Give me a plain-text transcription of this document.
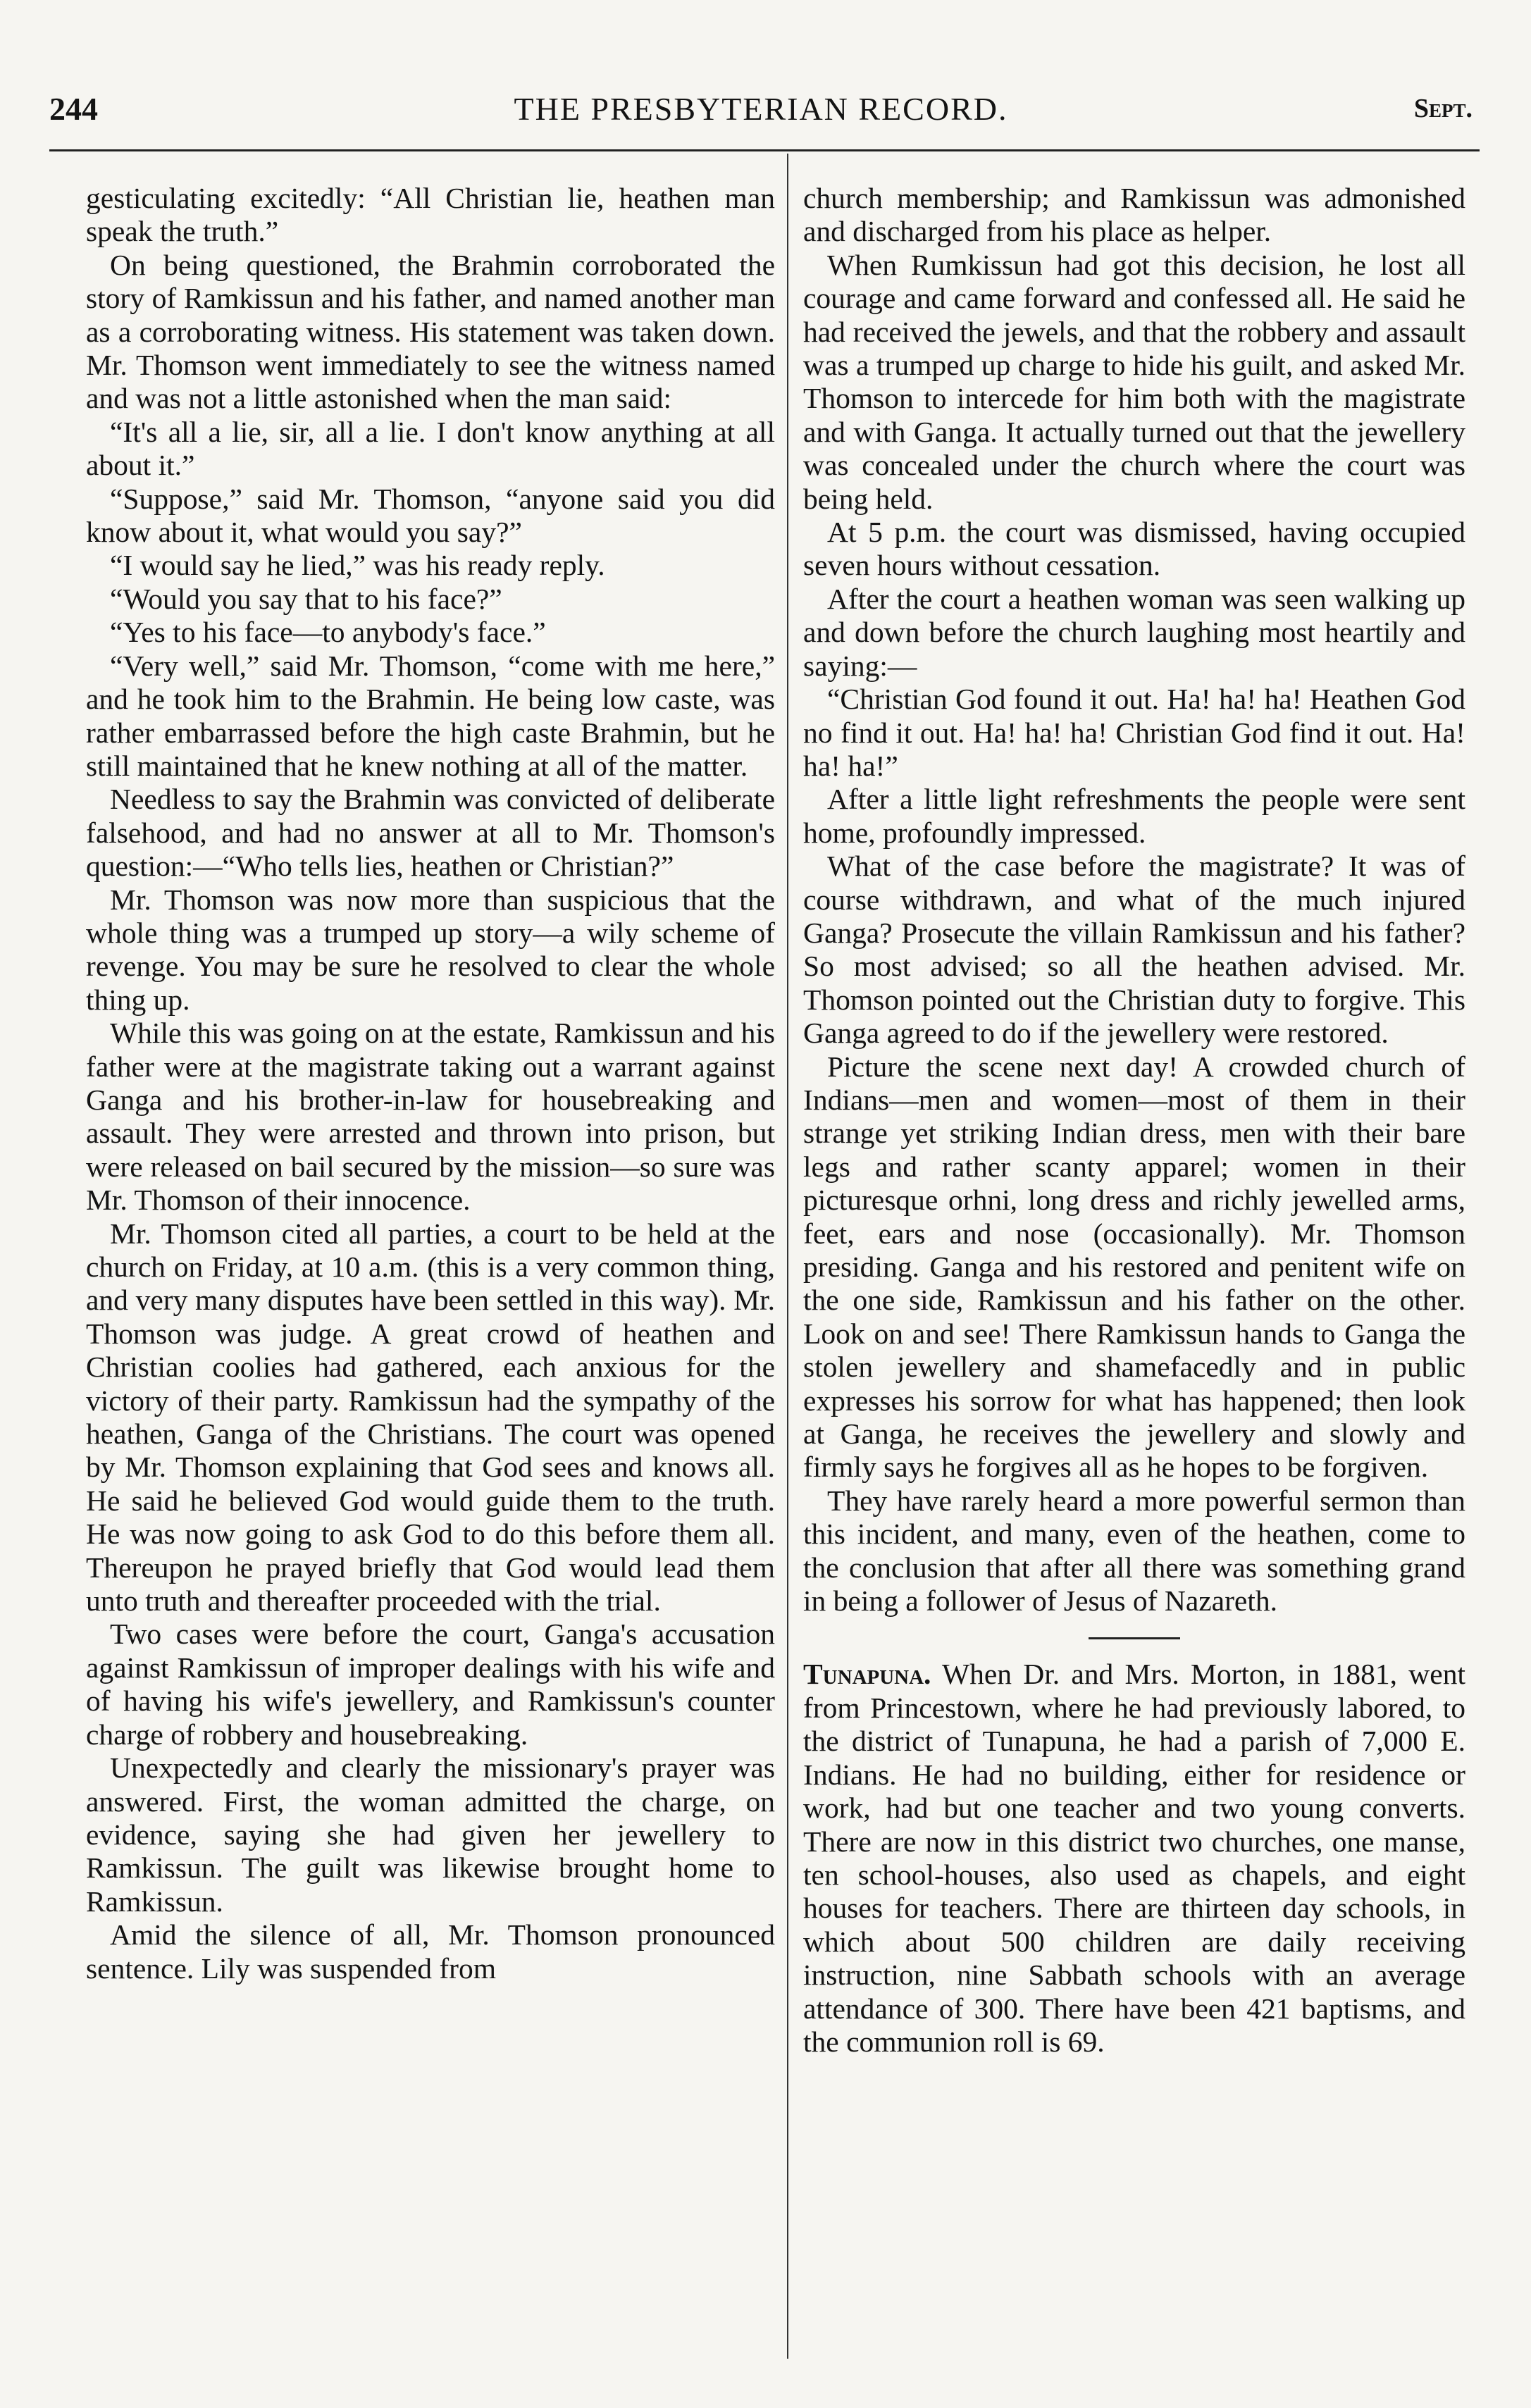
244	THE PRESBYTERIAN RECORD.	Sept.

gesticulating excitedly: “All Christian lie, heathen man speak the truth.”

On being questioned, the Brahmin corroborated the story of Ramkissun and his father, and named another man as a corroborating witness. His statement was taken down. Mr. Thomson went immediately to see the witness named and was not a little astonished when the man said:

“It's all a lie, sir, all a lie. I don't know anything at all about it.”

“Suppose,” said Mr. Thomson, “anyone said you did know about it, what would you say?”

“I would say he lied,” was his ready reply.

“Would you say that to his face?”

“Yes to his face—to anybody's face.”

“Very well,” said Mr. Thomson, “come with me here,” and he took him to the Brahmin. He being low caste, was rather embarrassed before the high caste Brahmin, but he still maintained that he knew nothing at all of the matter.

Needless to say the Brahmin was convicted of deliberate falsehood, and had no answer at all to Mr. Thomson's question:—“Who tells lies, heathen or Christian?”

Mr. Thomson was now more than suspicious that the whole thing was a trumped up story—a wily scheme of revenge. You may be sure he resolved to clear the whole thing up.

While this was going on at the estate, Ramkissun and his father were at the magistrate taking out a warrant against Ganga and his brother-in-law for housebreaking and assault. They were arrested and thrown into prison, but were released on bail secured by the mission—so sure was Mr. Thomson of their innocence.

Mr. Thomson cited all parties, a court to be held at the church on Friday, at 10 a.m. (this is a very common thing, and very many disputes have been settled in this way). Mr. Thomson was judge. A great crowd of heathen and Christian coolies had gathered, each anxious for the victory of their party. Ramkissun had the sympathy of the heathen, Ganga of the Christians. The court was opened by Mr. Thomson explaining that God sees and knows all. He said he believed God would guide them to the truth. He was now going to ask God to do this before them all. Thereupon he prayed briefly that God would lead them unto truth and thereafter proceeded with the trial.

Two cases were before the court, Ganga's accusation against Ramkissun of improper dealings with his wife and of having his wife's jewellery, and Ramkissun's counter charge of robbery and housebreaking.

Unexpectedly and clearly the missionary's prayer was answered. First, the woman admitted the charge, on evidence, saying she had given her jewellery to Ramkissun. The guilt was likewise brought home to Ramkissun.

Amid the silence of all, Mr. Thomson pronounced sentence. Lily was suspended from

church membership; and Ramkissun was admonished and discharged from his place as helper.

When Rumkissun had got this decision, he lost all courage and came forward and confessed all. He said he had received the jewels, and that the robbery and assault was a trumped up charge to hide his guilt, and asked Mr. Thomson to intercede for him both with the magistrate and with Ganga. It actually turned out that the jewellery was concealed under the church where the court was being held.

At 5 p.m. the court was dismissed, having occupied seven hours without cessation.

After the court a heathen woman was seen walking up and down before the church laughing most heartily and saying:—

“Christian God found it out. Ha! ha! ha! Heathen God no find it out. Ha! ha! ha! Christian God find it out. Ha! ha! ha!”

After a little light refreshments the people were sent home, profoundly impressed.

What of the case before the magistrate? It was of course withdrawn, and what of the much injured Ganga? Prosecute the villain Ramkissun and his father? So most advised; so all the heathen advised. Mr. Thomson pointed out the Christian duty to forgive. This Ganga agreed to do if the jewellery were restored.

Picture the scene next day! A crowded church of Indians—men and women—most of them in their strange yet striking Indian dress, men with their bare legs and rather scanty apparel; women in their picturesque orhni, long dress and richly jewelled arms, feet, ears and nose (occasionally). Mr. Thomson presiding. Ganga and his restored and penitent wife on the one side, Ramkissun and his father on the other. Look on and see! There Ramkissun hands to Ganga the stolen jewellery and shamefacedly and in public expresses his sorrow for what has happened; then look at Ganga, he receives the jewellery and slowly and firmly says he forgives all as he hopes to be forgiven.

They have rarely heard a more powerful sermon than this incident, and many, even of the heathen, come to the conclusion that after all there was something grand in being a follower of Jesus of Nazareth.

Tunapuna. When Dr. and Mrs. Morton, in 1881, went from Princestown, where he had previously labored, to the district of Tunapuna, he had a parish of 7,000 E. Indians. He had no building, either for residence or work, had but one teacher and two young converts. There are now in this district two churches, one manse, ten school-houses, also used as chapels, and eight houses for teachers. There are thirteen day schools, in which about 500 children are daily receiving instruction, nine Sabbath schools with an average attendance of 300. There have been 421 baptisms, and the communion roll is 69.
